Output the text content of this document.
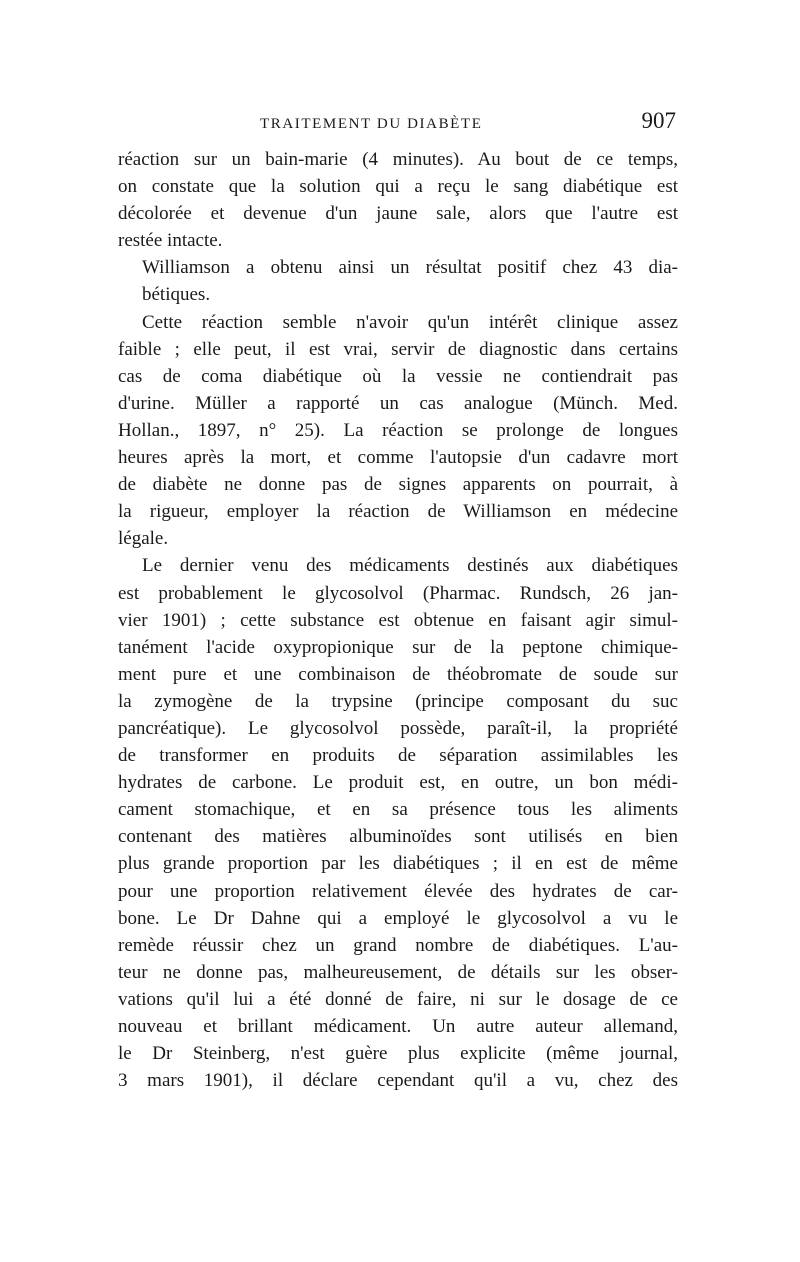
TRAITEMENT DU DIABÈTE	907

réaction sur un bain-marie (4 minutes). Au bout de ce temps,
on constate que la solution qui a reçu le sang diabétique est
décolorée et devenue d'un jaune sale, alors que l'autre est
restée intacte.

Williamson a obtenu ainsi un résultat positif chez 43 dia-
bétiques.

Cette réaction semble n'avoir qu'un intérêt clinique assez
faible ; elle peut, il est vrai, servir de diagnostic dans certains
cas de coma diabétique où la vessie ne contiendrait pas
d'urine. Müller a rapporté un cas analogue (Münch. Med.
Hollan., 1897, n° 25). La réaction se prolonge de longues
heures après la mort, et comme l'autopsie d'un cadavre mort
de diabète ne donne pas de signes apparents on pourrait, à
la rigueur, employer la réaction de Williamson en médecine
légale.

Le dernier venu des médicaments destinés aux diabétiques
est probablement le glycosolvol (Pharmac. Rundsch, 26 jan-
vier 1901) ; cette substance est obtenue en faisant agir simul-
tanément l'acide oxypropionique sur de la peptone chimique-
ment pure et une combinaison de théobromate de soude sur
la zymogène de la trypsine (principe composant du suc
pancréatique). Le glycosolvol possède, paraît-il, la propriété
de transformer en produits de séparation assimilables les
hydrates de carbone. Le produit est, en outre, un bon médi-
cament stomachique, et en sa présence tous les aliments
contenant des matières albuminoïdes sont utilisés en bien
plus grande proportion par les diabétiques ; il en est de même
pour une proportion relativement élevée des hydrates de car-
bone. Le Dr Dahne qui a employé le glycosolvol a vu le
remède réussir chez un grand nombre de diabétiques. L'au-
teur ne donne pas, malheureusement, de détails sur les obser-
vations qu'il lui a été donné de faire, ni sur le dosage de ce
nouveau et brillant médicament. Un autre auteur allemand,
le Dr Steinberg, n'est guère plus explicite (même journal,
3 mars 1901), il déclare cependant qu'il a vu, chez des
